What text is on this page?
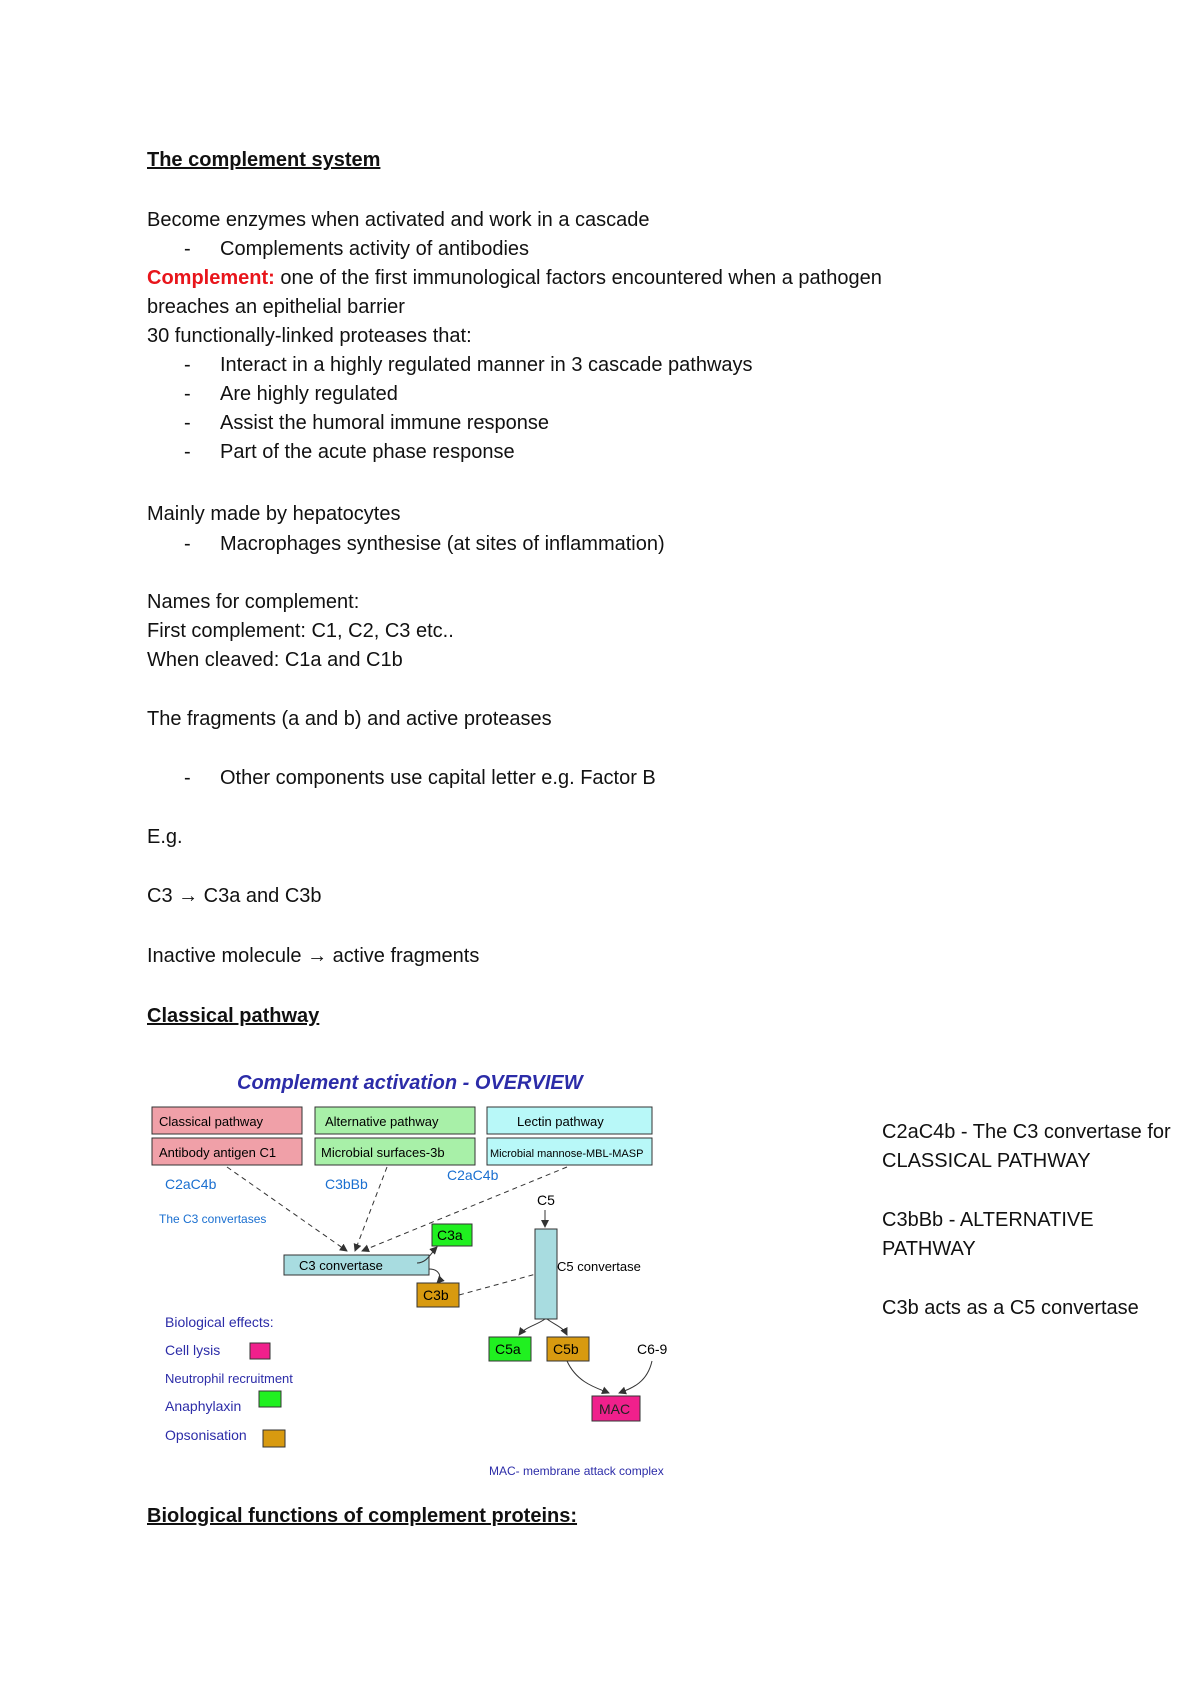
The complement system
Become enzymes when activated and work in a cascade
- Complements activity of antibodies
Complement: one of the first immunological factors encountered when a pathogen
breaches an epithelial barrier
30 functionally-linked proteases that:
- Interact in a highly regulated manner in 3 cascade pathways
- Are highly regulated
- Assist the humoral immune response
- Part of the acute phase response
Mainly made by hepatocytes
- Macrophages synthesise (at sites of inflammation)
Names for complement:
First complement: C1, C2, C3 etc..
When cleaved: C1a and C1b
The fragments (a and b) and active proteases
- Other components use capital letter e.g. Factor B
E.g.
C3 → C3a and C3b
Inactive molecule → active fragments
Classical pathway
C2aC4b - The C3 convertase for
CLASSICAL PATHWAY
C3bBb - ALTERNATIVE
PATHWAY
C3b acts as a C5 convertase
Biological functions of complement proteins:
Complement activation - OVERVIEW
Classical pathway
Antibody antigen C1
Alternative pathway
Microbial surfaces-3b
Lectin pathway
Microbial mannose-MBL-MASP
C2aC4b	C3bBb
C2aC4b
The C3 convertases
C3 convertase
C3a
C3b
C5
C5 convertase
C5a C5b	C6-9
MAC
Biological effects:
Cell lysis
Neutrophil recruitment
Anaphylaxin
Opsonisation
MAC- membrane attack complex
